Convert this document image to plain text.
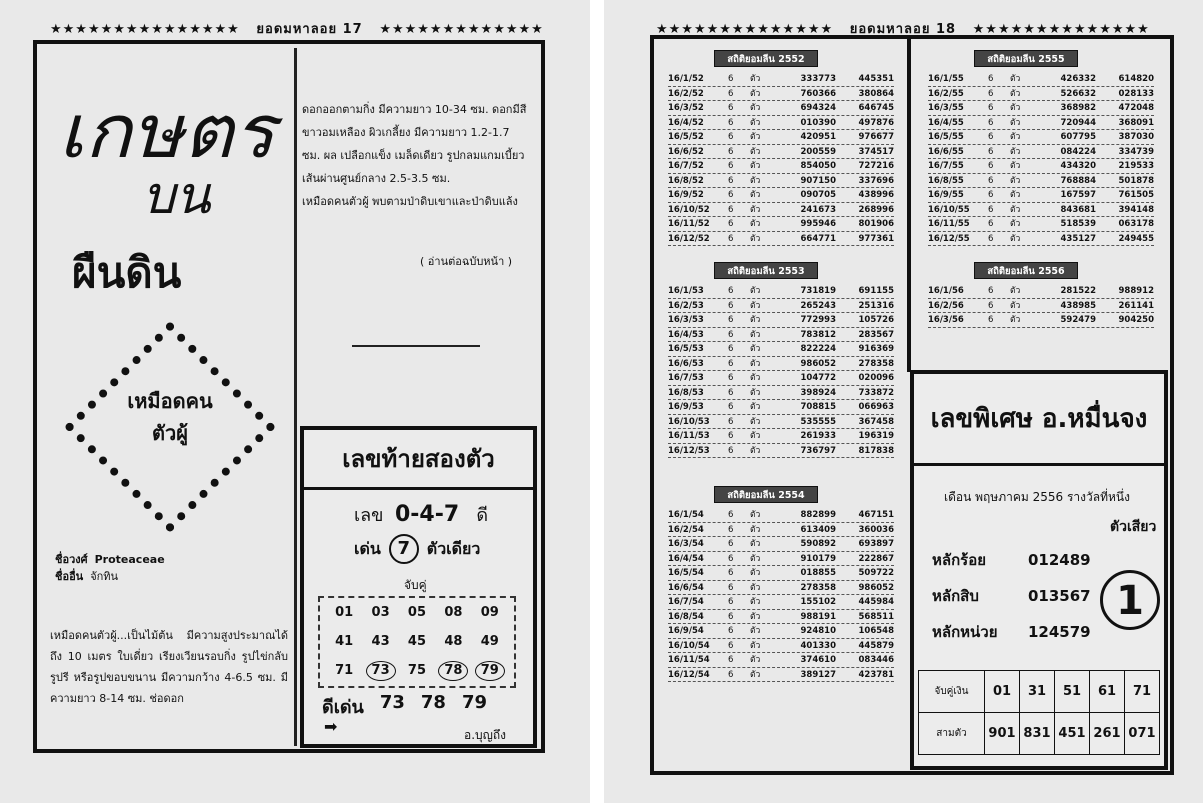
★★★★★★★★★★★★★★★ ยอดมหาลอย 17 ★★★★★★★★★★★★★
เกษตร
บน
ผืนดิน
เหมือดคน
ตัวผู้
ชื่อวงศ์ Proteaceae
ชื่ออื่น จักทิน
เหมือดคนตัวผู้...เป็นไม้ต้น มีความสูงประมาณได้ถึง 10 เมตร ใบเดี่ยว เรียงเวียนรอบกิ่ง รูปไข่กลับ รูปรี หรือรูปขอบขนาน มีความกว้าง 4-6.5 ซม. มีความยาว 8-14 ซม. ช่อดอก

ดอกออกตามกิ่ง มีความยาว 10-34 ซม. ดอกมีสีขาวอมเหลือง ผิวเกลี้ยง มีความยาว 1.2-1.7 ซม. ผล เปลือกแข็ง เมล็ดเดียว รูปกลมแกมเบี้ยว เส้นผ่านศูนย์กลาง 2.5-3.5 ซม.

เหมือดคนตัวผู้ พบตามป่าดิบเขาและป่าดิบแล้ง

( อ่านต่อฉบับหน้า )
เลขท้ายสองตัว
เลข 0-4-7 ดี
เด่น 7	ตัวเดียว
จับคู่
01	03	05	08	09
41	43	45	48	49
71	73	75	78	79
ดีเด่น 73 78 79
➡	อ.บุญถึง
★★★★★★★★★★★★★★ ยอดมหาลอย 18 ★★★★★★★★★★★★★★
สถิติยอมลีน 2552
16/1/52	6	ตัว	333773	445351
16/2/52	6	ตัว	760366	380864
16/3/52	6	ตัว	694324	646745
16/4/52	6	ตัว	010390	497876
16/5/52	6	ตัว	420951	976677
16/6/52	6	ตัว	200559	374517
16/7/52	6	ตัว	854050	727216
16/8/52	6	ตัว	907150	337696
16/9/52	6	ตัว	090705	438996
16/10/52	6	ตัว	241673	268996
16/11/52	6	ตัว	995946	801906
16/12/52	6	ตัว	664771	977361
สถิติยอมลีน 2553
16/1/53	6	ตัว	731819	691155
16/2/53	6	ตัว	265243	251316
16/3/53	6	ตัว	772993	105726
16/4/53	6	ตัว	783812	283567
16/5/53	6	ตัว	822224	916369
16/6/53	6	ตัว	986052	278358
16/7/53	6	ตัว	104772	020096
16/8/53	6	ตัว	398924	733872
16/9/53	6	ตัว	708815	066963
16/10/53	6	ตัว	535555	367458
16/11/53	6	ตัว	261933	196319
16/12/53	6	ตัว	736797	817838
สถิติยอมลีน 2554
16/1/54	6	ตัว	882899	467151
16/2/54	6	ตัว	613409	360036
16/3/54	6	ตัว	590892	693897
16/4/54	6	ตัว	910179	222867
16/5/54	6	ตัว	018855	509722
16/6/54	6	ตัว	278358	986052
16/7/54	6	ตัว	155102	445984
16/8/54	6	ตัว	988191	568511
16/9/54	6	ตัว	924810	106548
16/10/54	6	ตัว	401330	445879
16/11/54	6	ตัว	374610	083446
16/12/54	6	ตัว	389127	423781
สถิติยอมลีน 2555
16/1/55	6	ตัว	426332	614820
16/2/55	6	ตัว	526632	028133
16/3/55	6	ตัว	368982	472048
16/4/55	6	ตัว	720944	368091
16/5/55	6	ตัว	607795	387030
16/6/55	6	ตัว	084224	334739
16/7/55	6	ตัว	434320	219533
16/8/55	6	ตัว	768884	501878
16/9/55	6	ตัว	167597	761505
16/10/55	6	ตัว	843681	394148
16/11/55	6	ตัว	518539	063178
16/12/55	6	ตัว	435127	249455
สถิติยอมลีน 2556
16/1/56	6	ตัว	281522	988912
16/2/56	6	ตัว	438985	261141
16/3/56	6	ตัว	592479	904250
เลขพิเศษ อ.หมื่นจง
เดือน พฤษภาคม 2556 รางวัลที่หนึ่ง
หลักร้อย	012489
หลักสิบ	013567
หลักหน่วย	124579
ตัวเสียว
1
จับคู่เงิน	01	31	51	61	71
สามตัว	901	831	451	261	071
